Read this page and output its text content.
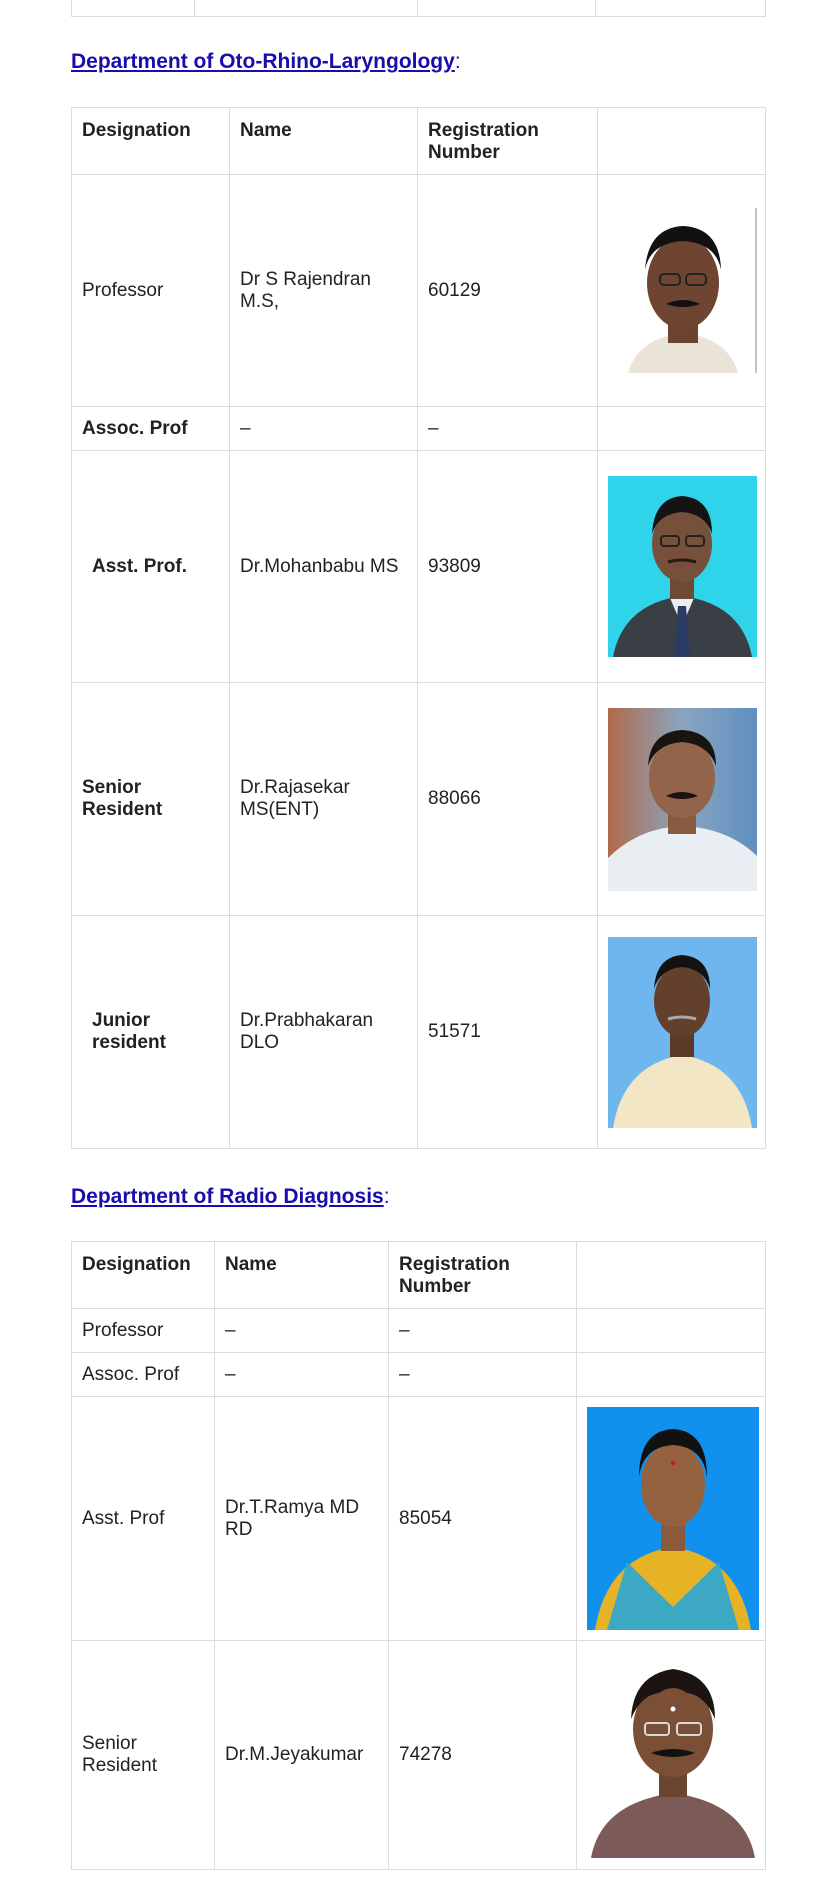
Department of Oto-Rhino-Laryngology:
Designation	Name	Registration Number	
Professor	Dr S Rajendran M.S,	60129	

Assoc. Prof	–	–	
Asst. Prof.	Dr.Mohanbabu MS	93809	

Senior Resident	Dr.Rajasekar MS(ENT)	88066	

Junior resident	Dr.Prabhakaran DLO	51571	
Department of Radio Diagnosis:
Designation	Name	Registration Number	
Professor	–	–	
Assoc. Prof	–	–	
Asst. Prof	Dr.T.Ramya MD RD	85054	

Senior Resident	Dr.M.Jeyakumar	74278	
